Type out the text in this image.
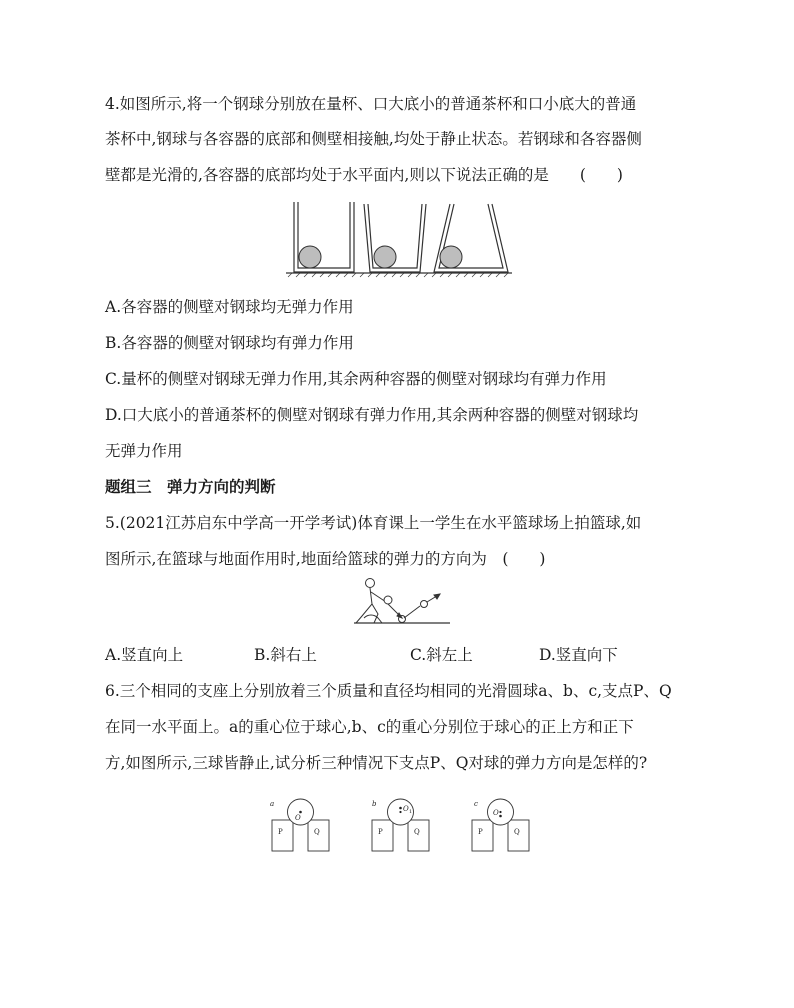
4.如图所示,将一个钢球分别放在量杯、口大底小的普通茶杯和口小底大的普通
茶杯中,钢球与各容器的底部和侧壁相接触,均处于静止状态。若钢球和各容器侧
壁都是光滑的,各容器的底部均处于水平面内,则以下说法正确的是　　(　　)
A.各容器的侧壁对钢球均无弹力作用
B.各容器的侧壁对钢球均有弹力作用
C.量杯的侧壁对钢球无弹力作用,其余两种容器的侧壁对钢球均有弹力作用
D.口大底小的普通茶杯的侧壁对钢球有弹力作用,其余两种容器的侧壁对钢球均
无弹力作用
题组三　弹力方向的判断
5.(2021江苏启东中学高一开学考试)体育课上一学生在水平篮球场上拍篮球,如
图所示,在篮球与地面作用时,地面给篮球的弹力的方向为　(　　)
A.竖直向上	B.斜右上	C.斜左上	D.竖直向下
6.三个相同的支座上分别放着三个质量和直径均相同的光滑圆球a、b、c,支点P、Q
在同一水平面上。a的重心位于球心,b、c的重心分别位于球心的正上方和正下
方,如图所示,三球皆静止,试分析三种情况下支点P、Q对球的弹力方向是怎样的?
a
O
P	Q
b
O 1
P	Q
c
O
P	Q
